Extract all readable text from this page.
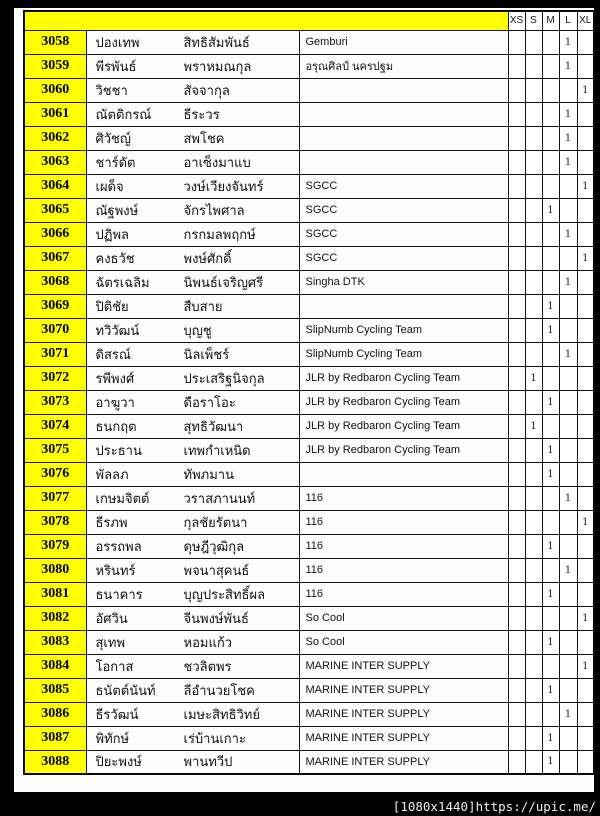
			XS	S	M	L	XL
3058	ปองเทพ สิทธิสัมพันธ์	Gemburi				1	
3059	พีรพันธ์ พราหมณกุล	อรุณศิลป์ นครปฐม				1	
3060	วิชชา สัจจากุล						1
3061	ณัตติกรณ์ ธีระวร					1	
3062	ศิวัชญ์ สพโชค					1	
3063	ชาร์ดัต อาเซ็งมาแบ					1	
3064	เผด็จ วงษ์เวียงจันทร์	SGCC					1
3065	ณัฐพงษ์ จักรไพศาล	SGCC			1		
3066	ปฏิพล กรกมลพฤกษ์	SGCC				1	
3067	คงธวัช พงษ์ศักดิ์	SGCC					1
3068	ฉัตรเฉลิม นิพนธ์เจริญศรี	Singha DTK				1	
3069	ปิติชัย สืบสาย				1		
3070	ทวิวัฒน์ บุญชู	SlipNumb Cycling Team			1		
3071	ดิสรณ์ นิลเพ็ชร์	SlipNumb Cycling Team				1	
3072	รพีพงศ์ ประเสริฐนิจกุล	JLR by Redbaron Cycling Team		1			
3073	อาฆูวา ดือราโอะ	JLR by Redbaron Cycling Team			1		
3074	ธนกฤต สุทธิวัฒนา	JLR by Redbaron Cycling Team		1			
3075	ประธาน เทพกำเหนิด	JLR by Redbaron Cycling Team			1		
3076	พัลลภ ทัพภมาน				1		
3077	เกษมจิตต์ วราสภานนท์	116				1	
3078	ธีรภพ กุลชัยรัตนา	116					1
3079	อรรถพล ดุษฎีวุฒิกุล	116			1		
3080	หรินทร์ พจนาสุคนธ์	116				1	
3081	ธนาคาร บุญประสิทธิ์ผล	116			1		
3082	อัศวิน จีนพงษ์พันธ์	So Cool					1
3083	สุเทพ หอมแก้ว	So Cool			1		
3084	โอกาส ชวลิตพร	MARINE INTER SUPPLY					1
3085	ธนัตต์นันท์ ลีอำนวยโชค	MARINE INTER SUPPLY			1		
3086	ธีรวัฒน์ เมษะสิทธิวิทย์	MARINE INTER SUPPLY				1	
3087	พิทักษ์ เร่บ้านเกาะ	MARINE INTER SUPPLY			1		
3088	ปิยะพงษ์ พานทวีป	MARINE INTER SUPPLY			1		
[1080x1440]https://upic.me/
